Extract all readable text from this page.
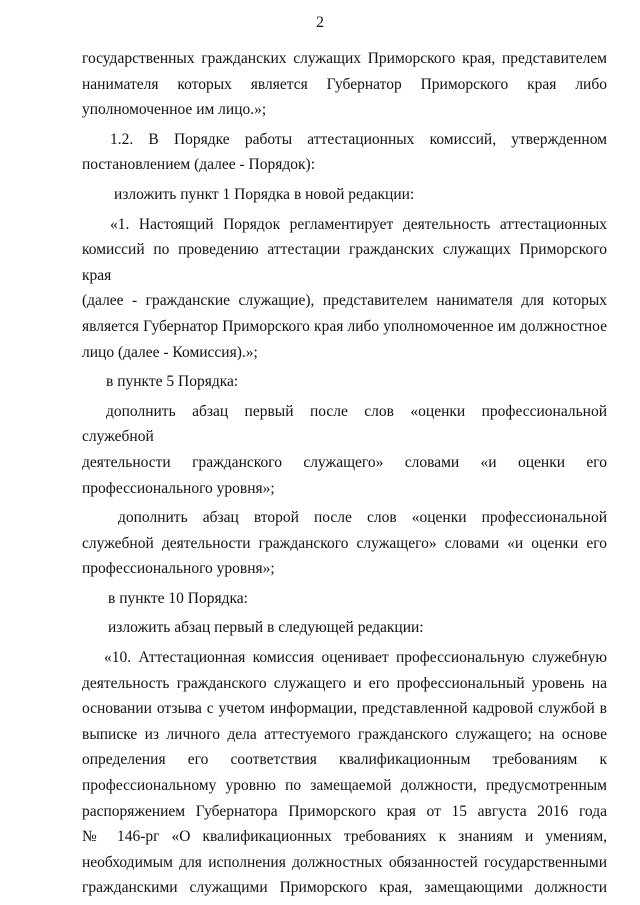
2
государственных гражданских служащих Приморского края, представителем
нанимателя которых является Губернатор Приморского края либо
уполномоченное им лицо.»;
1.2. В Порядке работы аттестационных комиссий, утвержденном
постановлением (далее - Порядок):
изложить пункт 1 Порядка в новой редакции:
«1. Настоящий Порядок регламентирует деятельность аттестационных
комиссий по проведению аттестации гражданских служащих Приморского края
(далее - гражданские служащие), представителем нанимателя для которых
является Губернатор Приморского края либо уполномоченное им должностное
лицо (далее - Комиссия).»;
в пункте 5 Порядка:
дополнить абзац первый после слов «оценки профессиональной служебной
деятельности гражданского служащего» словами «и оценки его
профессионального уровня»;
дополнить абзац второй после слов «оценки профессиональной
служебной деятельности гражданского служащего» словами «и оценки его
профессионального уровня»;
в пункте 10 Порядка:
изложить абзац первый в следующей редакции:
«10. Аттестационная комиссия оценивает профессиональную служебную
деятельность гражданского служащего и его профессиональный уровень на
основании отзыва с учетом информации, представленной кадровой службой в
выписке из личного дела аттестуемого гражданского служащего; на основе
определения его соответствия квалификационным требованиям к
профессиональному уровню по замещаемой должности, предусмотренным
распоряжением Губернатора Приморского края от 15 августа 2016 года
№ 146-рг «О квалификационных требованиях к знаниям и умениям,
необходимым для исполнения должностных обязанностей государственными
гражданскими служащими Приморского края, замещающими должности
